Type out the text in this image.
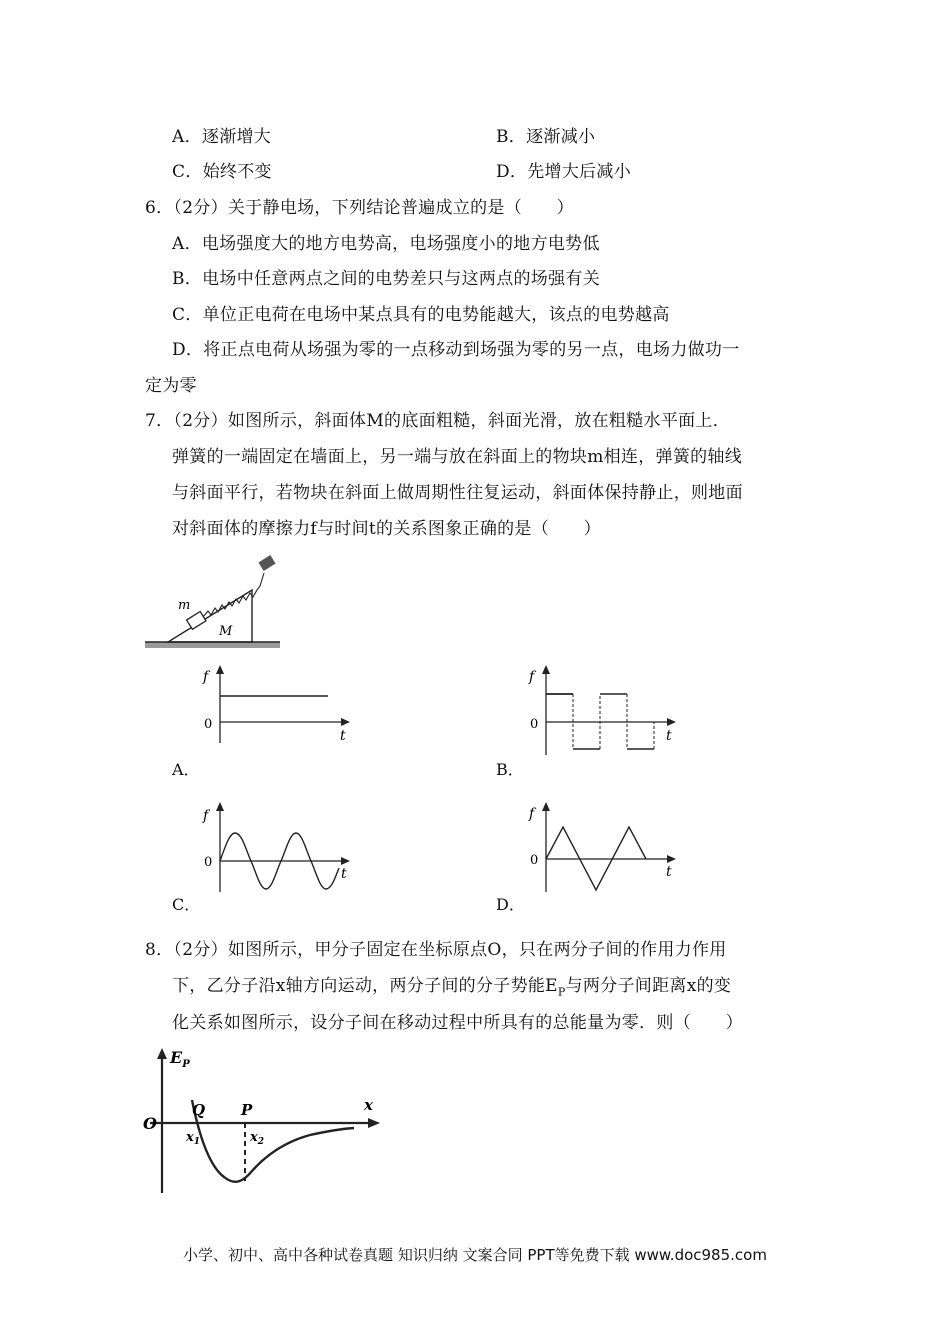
A．逐渐增大	B．逐渐减小
C．始终不变	D．先增大后减小
6．（2分）关于静电场，下列结论普遍成立的是（　　）
A．电场强度大的地方电势高，电场强度小的地方电势低
B．电场中任意两点之间的电势差只与这两点的场强有关
C．单位正电荷在电场中某点具有的电势能越大，该点的电势越高
D．将正点电荷从场强为零的一点移动到场强为零的另一点，电场力做功一
定为零
7．（2分）如图所示，斜面体M的底面粗糙，斜面光滑，放在粗糙水平面上．
弹簧的一端固定在墙面上，另一端与放在斜面上的物块m相连，弹簧的轴线
与斜面平行，若物块在斜面上做周期性往复运动，斜面体保持静止，则地面
对斜面体的摩擦力f与时间t的关系图象正确的是（　　）
m
M
f
0
t
A．
f
0
t
B．
f
0
t
C．
f
0
t
D．
8．（2分）如图所示，甲分子固定在坐标原点O，只在两分子间的作用力作用
下，乙分子沿x轴方向运动，两分子间的分子势能$E_P$与两分子间距离x的变
化关系如图所示，设分子间在移动过程中所具有的总能量为零．则（　　）
$E_P$
O
Q P	x
$x_1$	$x_2$
小学、初中、高中各种试卷真题 知识归纳 文案合同 PPT等免费下载 www.doc985.com
